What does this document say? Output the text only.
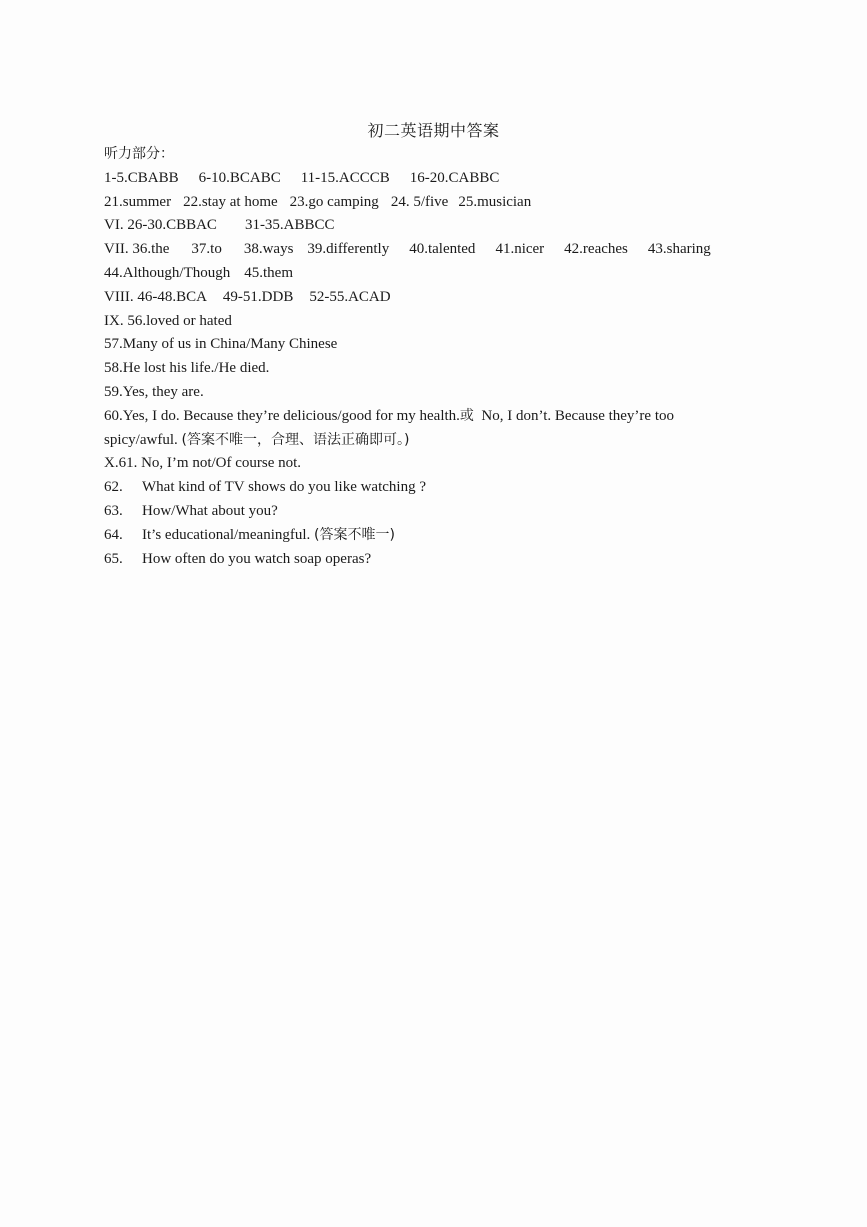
初二英语期中答案
听力部分：
1-5.CBABB 6-10.BCABC 11-15.ACCCB 16-20.CABBC
21.summer 22.stay at home 23.go camping 24. 5/five 25.musician
VI. 26-30.CBBAC 31-35.ABBCC
VII. 36.the 37.to 38.ways 39.differently 40.talented 41.nicer 42.reaches 43.sharing
44.Although/Though 45.them
VIII. 46-48.BCA 49-51.DDB 52-55.ACAD
IX. 56.loved or hated
57.Many of us in China/Many Chinese
58.He lost his life./He died.
59.Yes, they are.
60.Yes, I do. Because they’re delicious/good for my health.或 No, I don’t. Because they’re too
spicy/awful. (答案不唯一，合理、语法正确即可。)
X.61. No, I’m not/Of course not.
62. What kind of TV shows do you like watching ?
63. How/What about you?
64. It’s educational/meaningful. (答案不唯一)
65. How often do you watch soap operas?
